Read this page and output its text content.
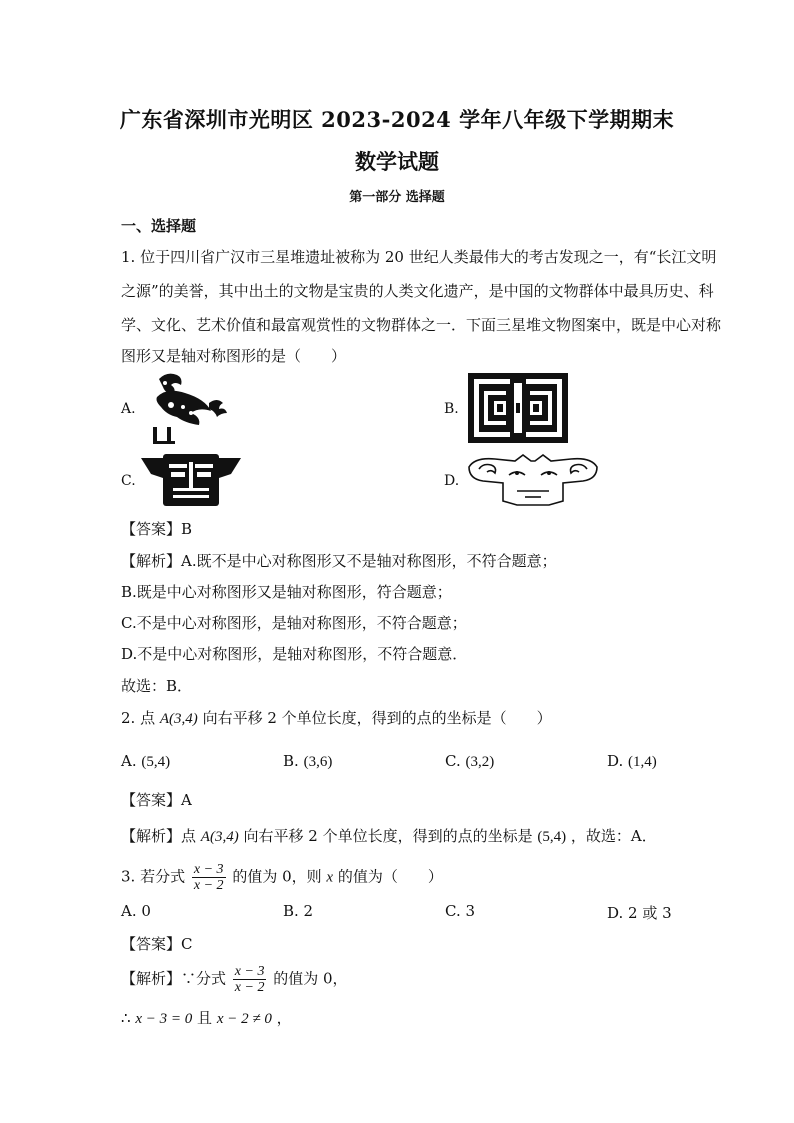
广东省深圳市光明区 2023-2024 学年八年级下学期期末
数学试题
第一部分 选择题
一、选择题
1. 位于四川省广汉市三星堆遗址被称为 20 世纪人类最伟大的考古发现之一，有“长江文明
之源”的美誉，其中出土的文物是宝贵的人类文化遗产，是中国的文物群体中最具历史、科
学、文化、艺术价值和最富观赏性的文物群体之一．下面三星堆文物图案中，既是中心对称
图形又是轴对称图形的是（　　）
A.	B.
C.	D.
【答案】B
【解析】A.既不是中心对称图形又不是轴对称图形，不符合题意；
B.既是中心对称图形又是轴对称图形，符合题意；
C.不是中心对称图形，是轴对称图形，不符合题意；
D.不是中心对称图形，是轴对称图形，不符合题意．
故选：B．
2. 点 A(3,4) 向右平移 2 个单位长度，得到的点的坐标是（　　）
A. (5,4)	B. (3,6)	C. (3,2)	D. (1,4)
【答案】A
【解析】点 A(3,4) 向右平移 2 个单位长度，得到的点的坐标是 (5,4) ，故选：A．
3. 若分式 $\frac{x - 3}{x - 2}$ 的值为 0，则 x 的值为（　　）
A. 0	B. 2	C. 3	D. 2 或 3
【答案】C
【解析】∵分式 $\frac{x - 3}{x - 2}$ 的值为 0，
∴ x − 3 = 0 且 x − 2 ≠ 0 ，
